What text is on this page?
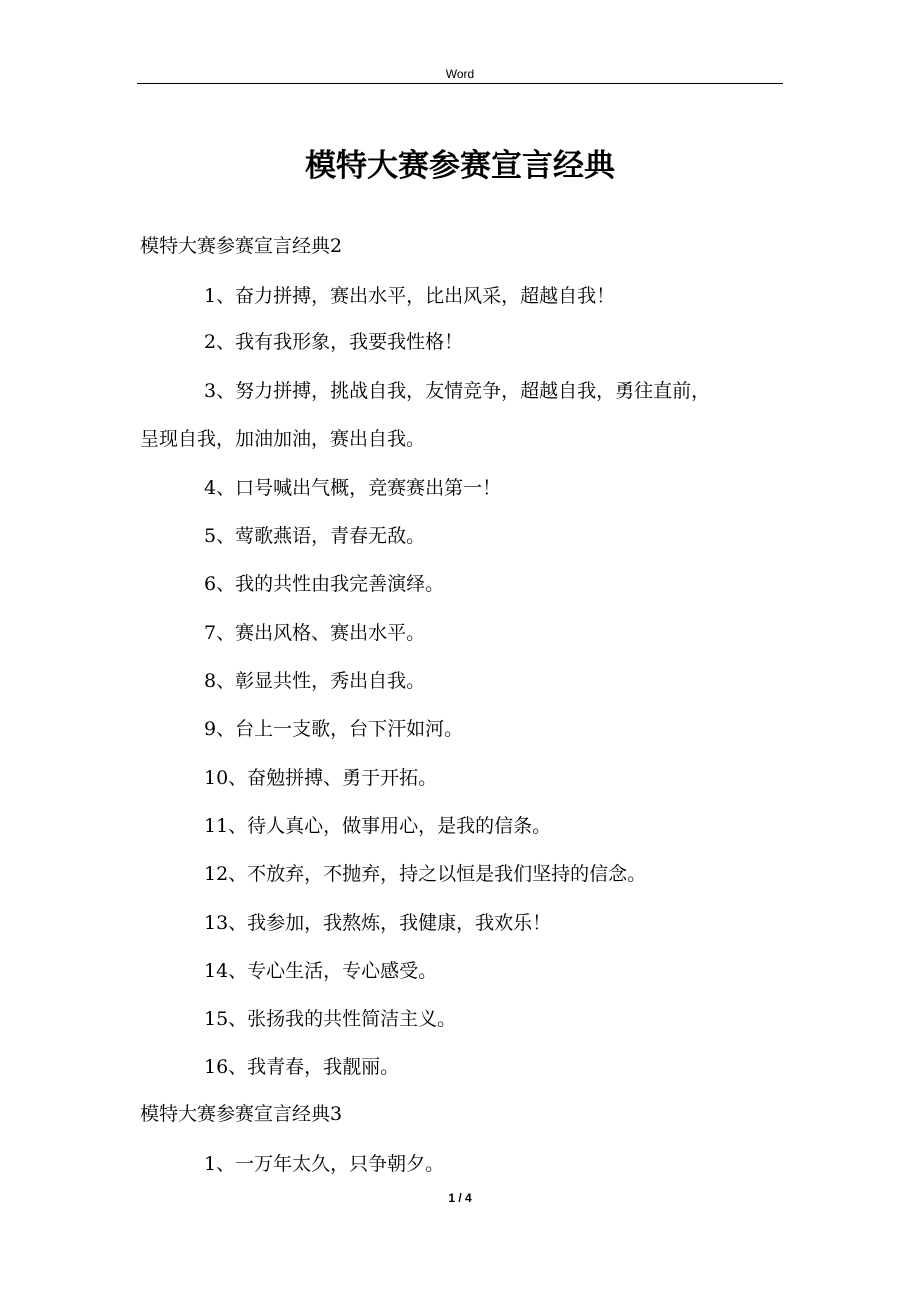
Word
模特大赛参赛宣言经典
模特大赛参赛宣言经典2
1、奋力拼搏，赛出水平，比出风采，超越自我！
2、我有我形象，我要我性格！
3、努力拼搏，挑战自我，友情竞争，超越自我，勇往直前，
呈现自我，加油加油，赛出自我。
4、口号喊出气概，竞赛赛出第一！
5、莺歌燕语，青春无敌。
6、我的共性由我完善演绎。
7、赛出风格、赛出水平。
8、彰显共性，秀出自我。
9、台上一支歌，台下汗如河。
10、奋勉拼搏、勇于开拓。
11、待人真心，做事用心，是我的信条。
12、不放弃，不抛弃，持之以恒是我们坚持的信念。
13、我参加，我熬炼，我健康，我欢乐！
14、专心生活，专心感受。
15、张扬我的共性简洁主义。
16、我青春，我靓丽。
模特大赛参赛宣言经典3
1、一万年太久，只争朝夕。
1 / 4
